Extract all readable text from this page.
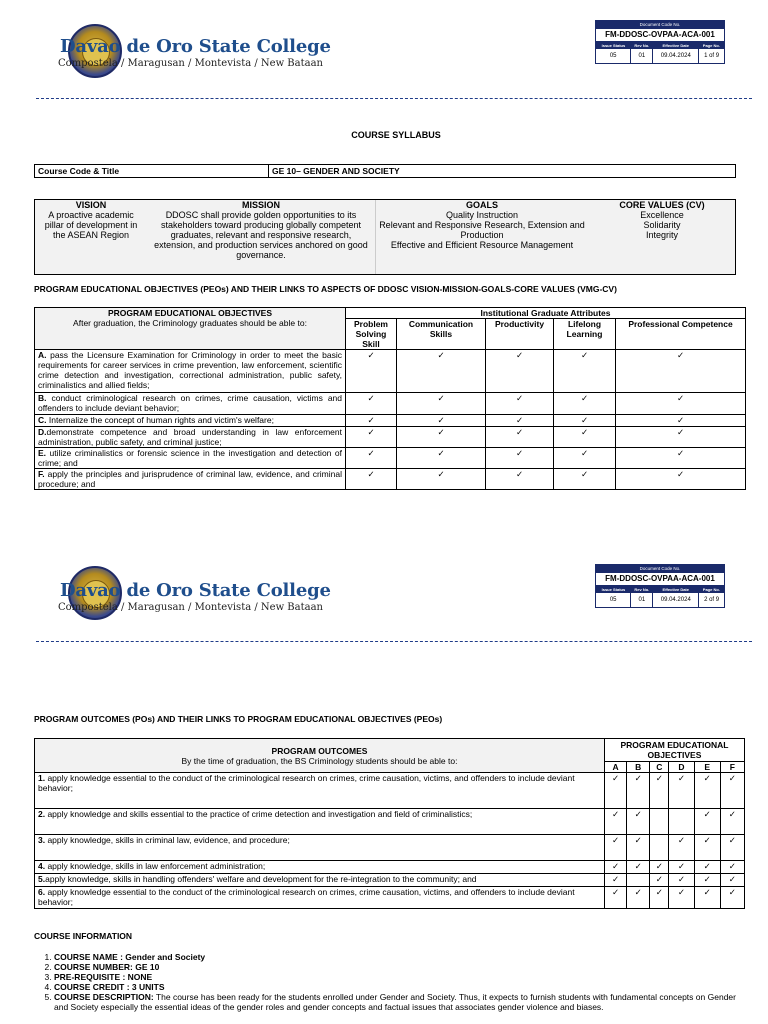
Davao de Oro State College
Compostela / Maragusan / Montevista / New Bataan
Document Code No.
FM-DDOSC-OVPAA-ACA-001
Issue Status	Rev No.	Effective Date	Page No.
05	01	09.04.2024	1 of 9
COURSE SYLLABUS
Course Code & Title	GE 10– GENDER AND SOCIETY
VISION
A proactive academic pillar of development in the ASEAN Region
MISSION
DDOSC shall provide golden opportunities to its stakeholders toward producing globally competent graduates, relevant and responsive research, extension, and production services anchored on good governance.
GOALS
Quality Instruction
Relevant and Responsive Research, Extension and Production
Effective and Efficient Resource Management
CORE VALUES (CV)
Excellence
Solidarity
Integrity
PROGRAM EDUCATIONAL OBJECTIVES (PEOs) AND THEIR LINKS TO ASPECTS OF DDOSC VISION-MISSION-GOALS-CORE VALUES (VMG-CV)
PROGRAM EDUCATIONAL OBJECTIVES
After graduation, the Criminology graduates should be able to:	Institutional Graduate Attributes				
	Problem Solving Skill	Communication Skills	Productivity	Lifelong Learning	Professional Competence
A. pass the Licensure Examination for Criminology in order to meet the basic requirements for career services in crime prevention, law enforcement, scientific crime detection and investigation, correctional administration, public safety, criminalistics and allied fields;	✓	✓	✓	✓	✓
B. conduct criminological research on crimes, crime causation, victims and offenders to include deviant behavior;	✓	✓	✓	✓	✓
C. Internalize the concept of human rights and victim's welfare;	✓	✓	✓	✓	✓
D.demonstrate competence and broad understanding in law enforcement administration, public safety, and criminal justice;	✓	✓	✓	✓	✓
E. utilize criminalistics or forensic science in the investigation and detection of crime; and	✓	✓	✓	✓	✓
F. apply the principles and jurisprudence of criminal law, evidence, and criminal procedure; and	✓	✓	✓	✓	✓
Davao de Oro State College
Compostela / Maragusan / Montevista / New Bataan
Document Code No.
FM-DDOSC-OVPAA-ACA-001
Issue Status	Rev No.	Effective Date	Page No.
05	01	09.04.2024	2 of 9
PROGRAM OUTCOMES (POs) AND THEIR LINKS TO PROGRAM EDUCATIONAL OBJECTIVES (PEOs)
PROGRAM OUTCOMES
By the time of graduation, the BS Criminology students should be able to:	PROGRAM EDUCATIONAL OBJECTIVES					
	A	B	C	D	E	F
1. apply knowledge essential to the conduct of the criminological research on crimes, crime causation, victims, and offenders to include deviant behavior;	✓	✓	✓	✓	✓	✓
2. apply knowledge and skills essential to the practice of crime detection and investigation and field of criminalistics;	✓	✓			✓	✓
3. apply knowledge, skills in criminal law, evidence, and procedure;	✓	✓		✓	✓	✓
4. apply knowledge, skills in law enforcement administration;	✓	✓	✓	✓	✓	✓
5.apply knowledge, skills in handling offenders' welfare and development for the re-integration to the community; and	✓		✓	✓	✓	✓
6. apply knowledge essential to the conduct of the criminological research on crimes, crime causation, victims, and offenders to include deviant behavior;	✓	✓	✓	✓	✓	✓
COURSE INFORMATION
1. COURSE NAME : Gender and Society
2. COURSE NUMBER: GE 10
3. PRE-REQUISITE : NONE
4. COURSE CREDIT : 3 UNITS
5. COURSE DESCRIPTION: The course has been ready for the students enrolled under Gender and Society. Thus, it expects to furnish students with fundamental concepts on Gender and Society especially the essential ideas of the gender roles and gender concepts and factual issues that associates gender violence and biases.
